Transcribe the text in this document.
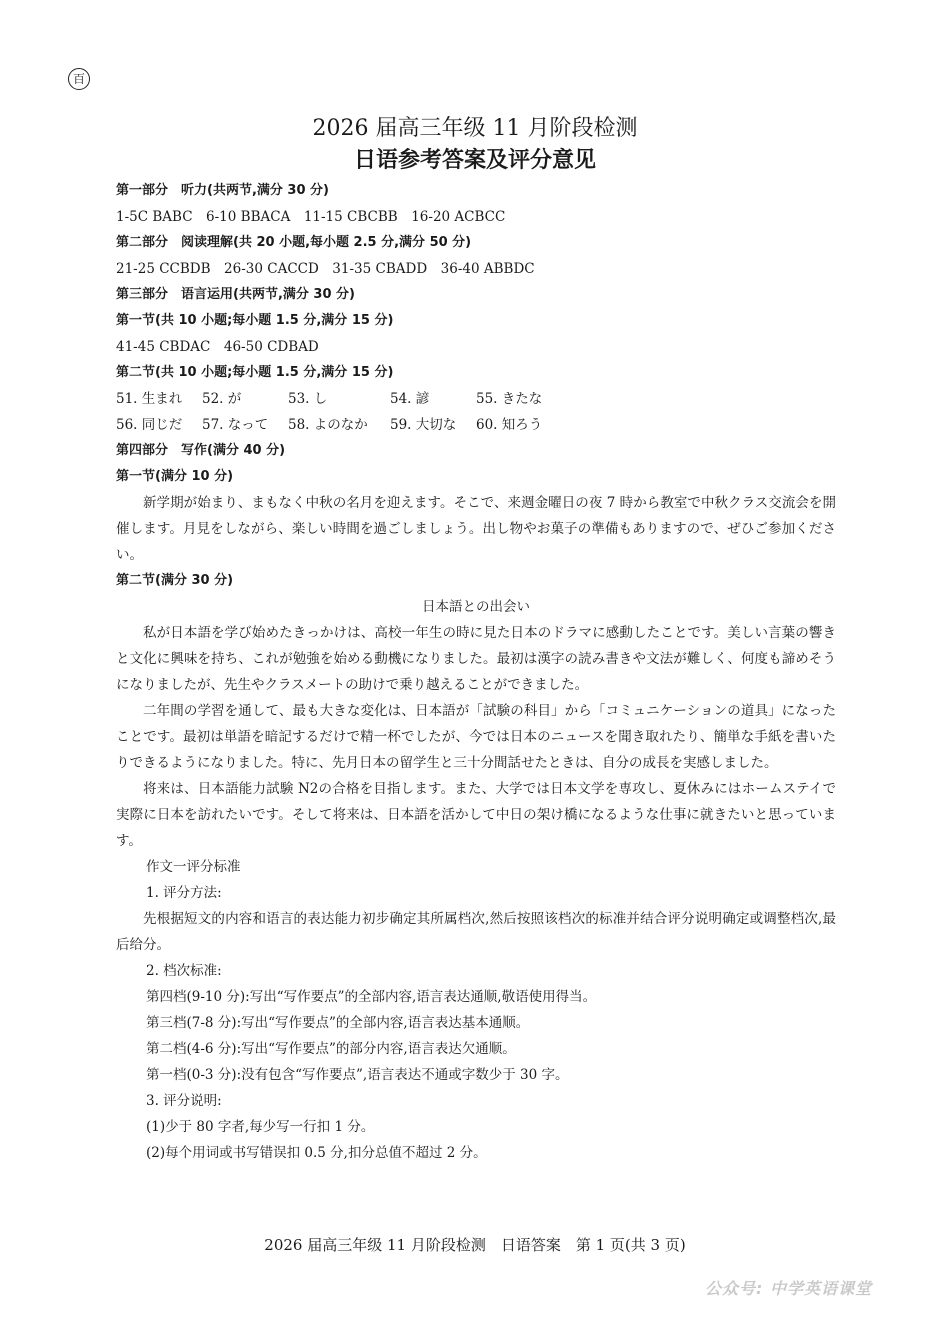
百
2026 届高三年级 11 月阶段检测
日语参考答案及评分意见
第一部分　听力(共两节,满分 30 分)
1-5C BABC　6-10 BBACA　11-15 CBCBB　16-20 ACBCC
第二部分　阅读理解(共 20 小题,每小题 2.5 分,满分 50 分)
21-25 CCBDB　26-30 CACCD　31-35 CBADD　36-40 ABBDC
第三部分　语言运用(共两节,满分 30 分)
第一节(共 10 小题;每小题 1.5 分,满分 15 分)
41-45 CBDAC　46-50 CDBAD
第二节(共 10 小题;每小题 1.5 分,满分 15 分)
51. 生まれ	52. が	53. し	54. 諺	55. きたな
56. 同じだ	57. なって	58. よのなか	59. 大切な	60. 知ろう
第四部分　写作(满分 40 分)
第一节(满分 10 分)

新学期が始まり、まもなく中秋の名月を迎えます。そこで、来週金曜日の夜 7 時から教室で中秋クラス交流会を開催します。月見をしながら、楽しい時間を過ごしましょう。出し物やお菓子の準備もありますので、ぜひご参加ください。

第二节(满分 30 分)
日本語との出会い

私が日本語を学び始めたきっかけは、高校一年生の時に見た日本のドラマに感動したことです。美しい言葉の響きと文化に興味を持ち、これが勉強を始める動機になりました。最初は漢字の読み書きや文法が難しく、何度も諦めそうになりましたが、先生やクラスメートの助けで乗り越えることができました。

二年間の学習を通して、最も大きな変化は、日本語が「試験の科目」から「コミュニケーションの道具」になったことです。最初は単語を暗記するだけで精一杯でしたが、今では日本のニュースを聞き取れたり、簡単な手紙を書いたりできるようになりました。特に、先月日本の留学生と三十分間話せたときは、自分の成長を実感しました。

将来は、日本語能力試験 N2の合格を目指します。また、大学では日本文学を専攻し、夏休みにはホームステイで実際に日本を訪れたいです。そして将来は、日本語を活かして中日の架け橋になるような仕事に就きたいと思っています。

作文一评分标准
1. 评分方法:

先根据短文的内容和语言的表达能力初步确定其所属档次,然后按照该档次的标准并结合评分说明确定或调整档次,最后给分。

2. 档次标准:
第四档(9-10 分):写出“写作要点”的全部内容,语言表达通顺,敬语使用得当。
第三档(7-8 分):写出“写作要点”的全部内容,语言表达基本通顺。
第二档(4-6 分):写出“写作要点”的部分内容,语言表达欠通顺。
第一档(0-3 分):没有包含“写作要点”,语言表达不通或字数少于 30 字。
3. 评分说明:
(1)少于 80 字者,每少写一行扣 1 分。
(2)每个用词或书写错误扣 0.5 分,扣分总值不超过 2 分。
2026 届高三年级 11 月阶段检测　日语答案　第 1 页(共 3 页)
公众号: 中学英语课堂
